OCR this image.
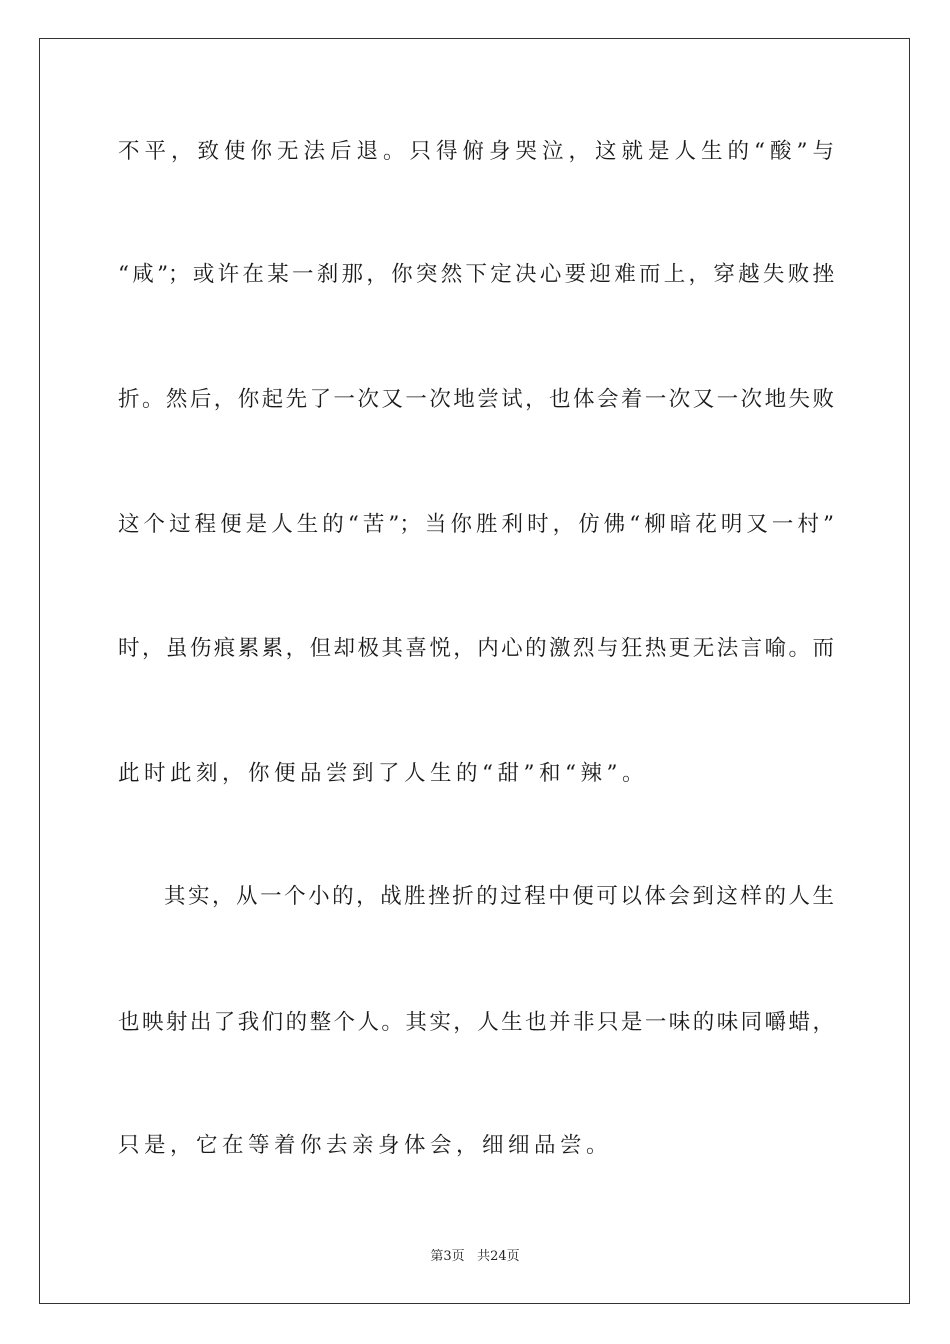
不平，致使你无法后退。只得俯身哭泣，这就是人生的“酸”与
“咸”；或许在某一刹那，你突然下定决心要迎难而上，穿越失败挫
折。然后，你起先了一次又一次地尝试，也体会着一次又一次地失败
这个过程便是人生的“苦”；当你胜利时，仿佛“柳暗花明又一村”
时，虽伤痕累累，但却极其喜悦，内心的激烈与狂热更无法言喻。而
此时此刻，你便品尝到了人生的“甜”和“辣”。
其实，从一个小的，战胜挫折的过程中便可以体会到这样的人生
也映射出了我们的整个人。其实，人生也并非只是一味的味同嚼蜡，
只是，它在等着你去亲身体会，细细品尝。
第3页 共24页
